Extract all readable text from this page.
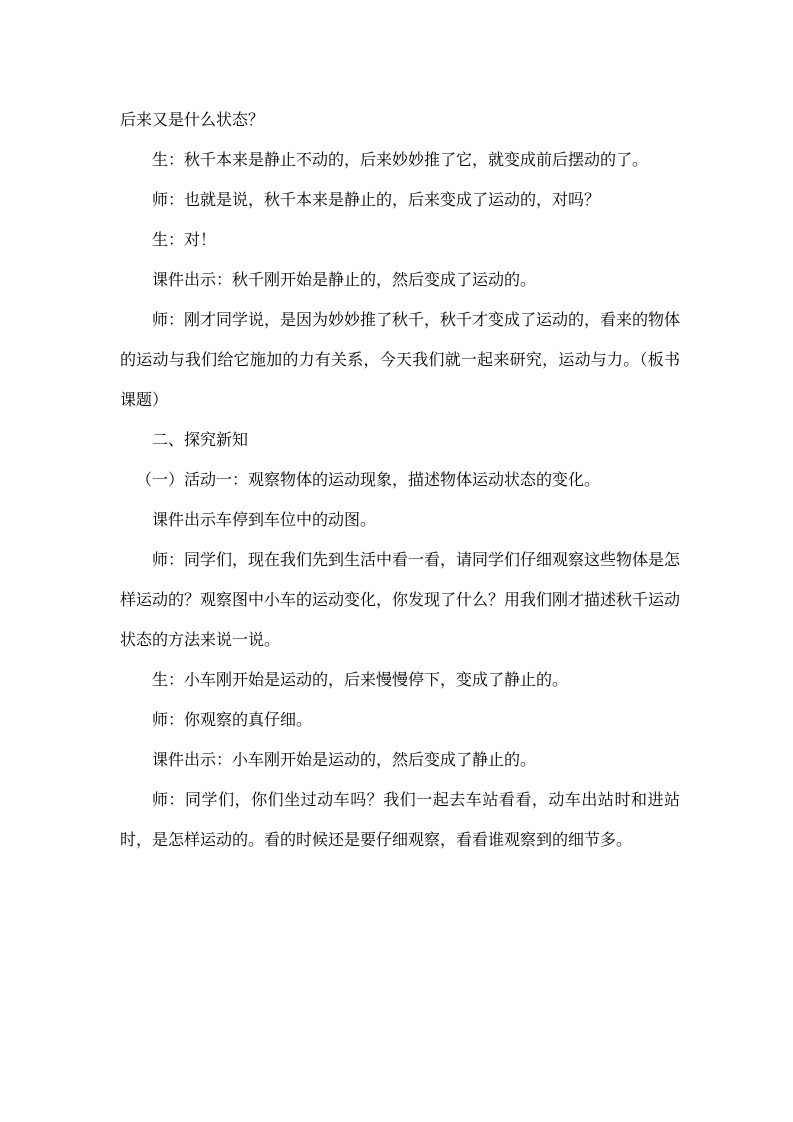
后来又是什么状态？

生：秋千本来是静止不动的，后来妙妙推了它，就变成前后摆动的了。

师：也就是说，秋千本来是静止的，后来变成了运动的，对吗？

生：对！

课件出示：秋千刚开始是静止的，然后变成了运动的。

师：刚才同学说，是因为妙妙推了秋千，秋千才变成了运动的，看来的物体的运动与我们给它施加的力有关系，今天我们就一起来研究，运动与力。（板书课题）

二、探究新知

（一）活动一：观察物体的运动现象，描述物体运动状态的变化。

课件出示车停到车位中的动图。

师：同学们，现在我们先到生活中看一看，请同学们仔细观察这些物体是怎样运动的？观察图中小车的运动变化，你发现了什么？用我们刚才描述秋千运动状态的方法来说一说。

生：小车刚开始是运动的，后来慢慢停下，变成了静止的。

师：你观察的真仔细。

课件出示：小车刚开始是运动的，然后变成了静止的。

师：同学们，你们坐过动车吗？我们一起去车站看看，动车出站时和进站时，是怎样运动的。看的时候还是要仔细观察，看看谁观察到的细节多。
